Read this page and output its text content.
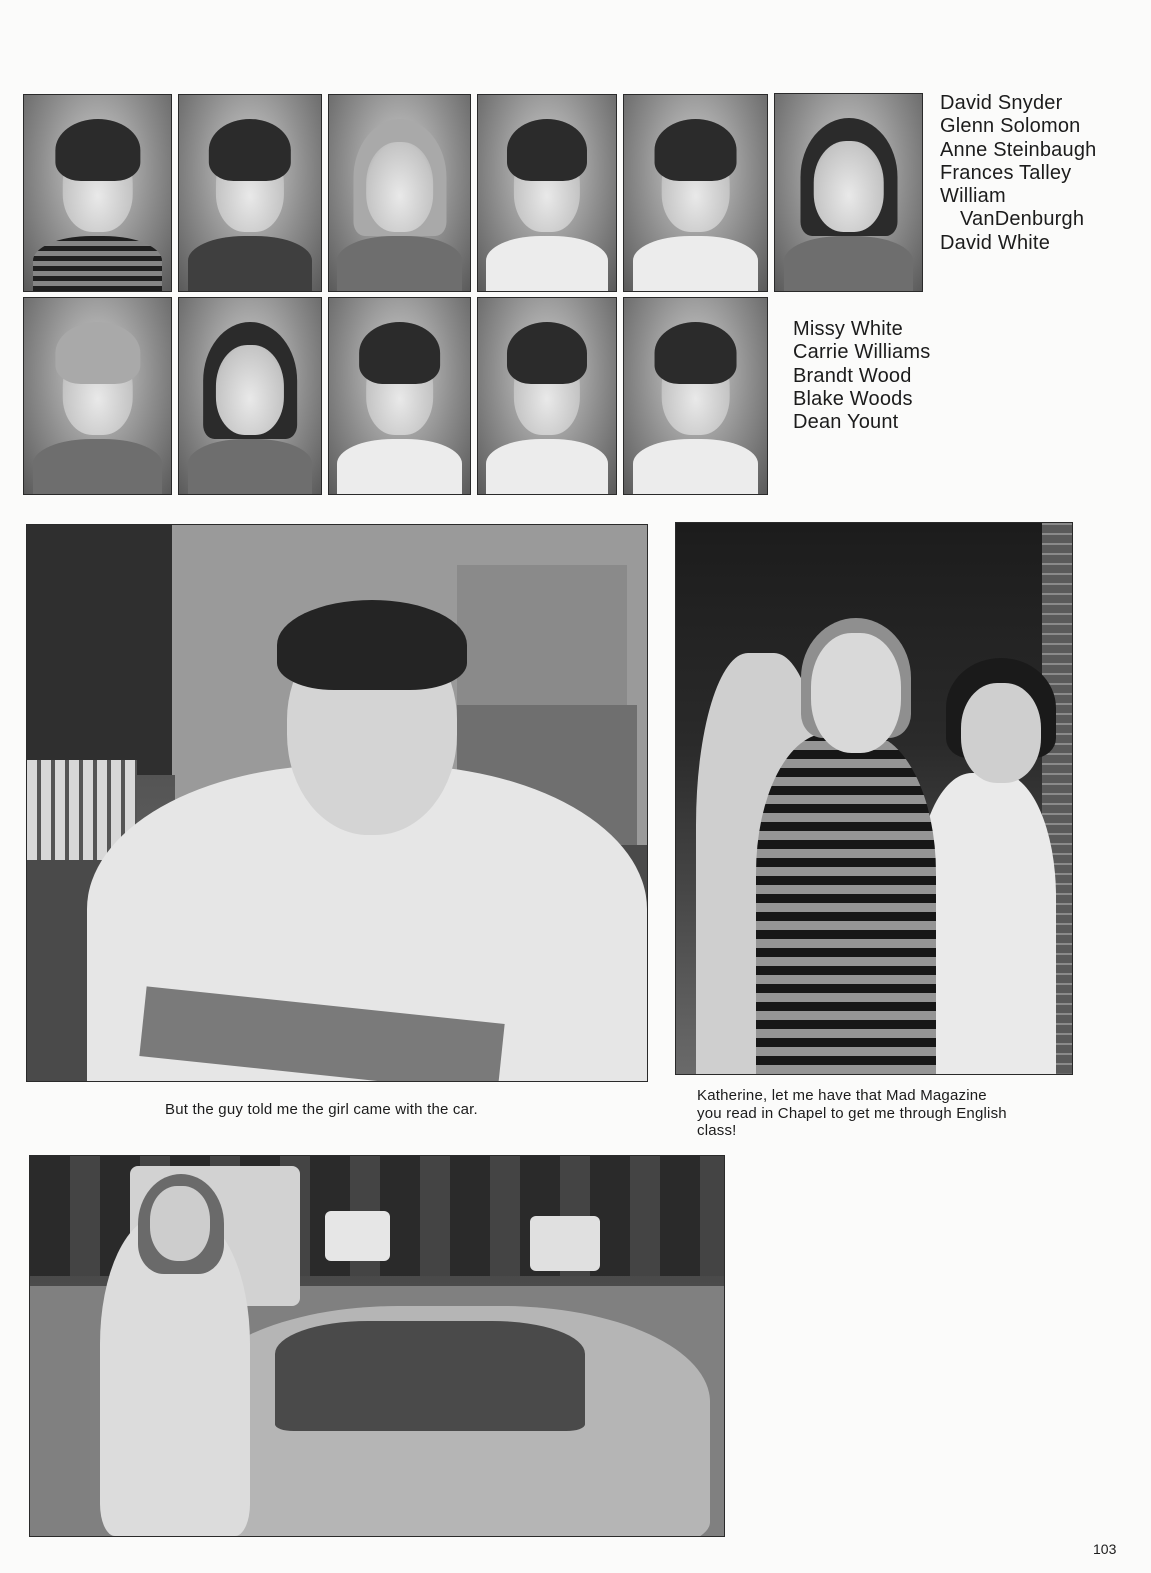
David Snyder
Glenn Solomon
Anne Steinbaugh
Frances Talley
William
VanDenburgh
David White
Missy White
Carrie Williams
Brandt Wood
Blake Woods
Dean Yount
But the guy told me the girl came with the car.
Katherine, let me have that Mad Magazine
you read in Chapel to get me through English
class!
103
